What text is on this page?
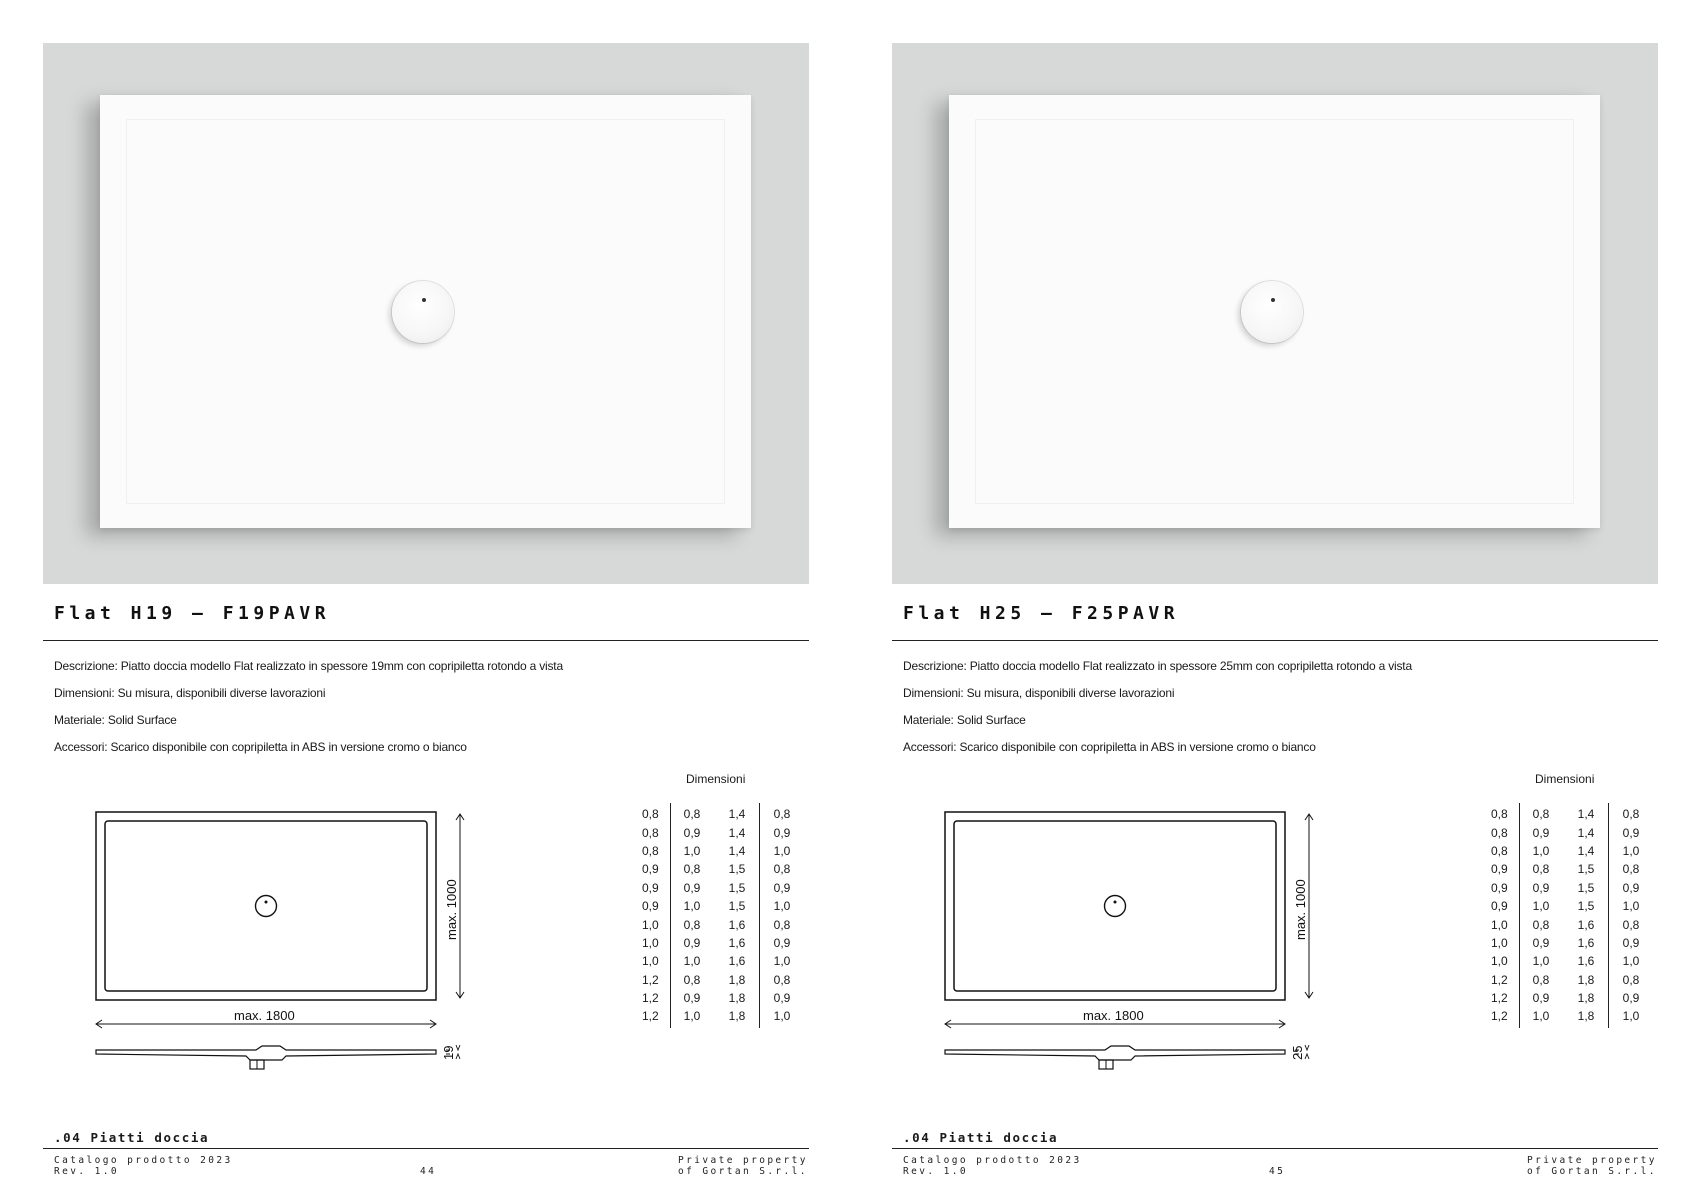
Flat H19 – F19PAVR
Descrizione: Piatto doccia modello Flat realizzato in spessore 19mm con copripiletta rotondo a vista
Dimensioni: Su misura, disponibili diverse lavorazioni
Materiale: Solid Surface
Accessori: Scarico disponibile con copripiletta in ABS in versione cromo o bianco
Dimensioni
0,8	0,8	1,4	0,8
0,8	0,9	1,4	0,9
0,8	1,0	1,4	1,0
0,9	0,8	1,5	0,8
0,9	0,9	1,5	0,9
0,9	1,0	1,5	1,0
1,0	0,8	1,6	0,8
1,0	0,9	1,6	0,9
1,0	1,0	1,6	1,0
1,2	0,8	1,8	0,8
1,2	0,9	1,8	0,9
1,2	1,0	1,8	1,0
max. 1000
max. 1800
19
.04 Piatti doccia
Catalogo prodotto 2023
Rev. 1.0	44
Private property
of Gortan S.r.l.
Flat H25 – F25PAVR
Descrizione: Piatto doccia modello Flat realizzato in spessore 25mm con copripiletta rotondo a vista
Dimensioni: Su misura, disponibili diverse lavorazioni
Materiale: Solid Surface
Accessori: Scarico disponibile con copripiletta in ABS in versione cromo o bianco
Dimensioni
0,8	0,8	1,4	0,8
0,8	0,9	1,4	0,9
0,8	1,0	1,4	1,0
0,9	0,8	1,5	0,8
0,9	0,9	1,5	0,9
0,9	1,0	1,5	1,0
1,0	0,8	1,6	0,8
1,0	0,9	1,6	0,9
1,0	1,0	1,6	1,0
1,2	0,8	1,8	0,8
1,2	0,9	1,8	0,9
1,2	1,0	1,8	1,0
max. 1000
max. 1800
25
.04 Piatti doccia
Catalogo prodotto 2023
Rev. 1.0	45
Private property
of Gortan S.r.l.
